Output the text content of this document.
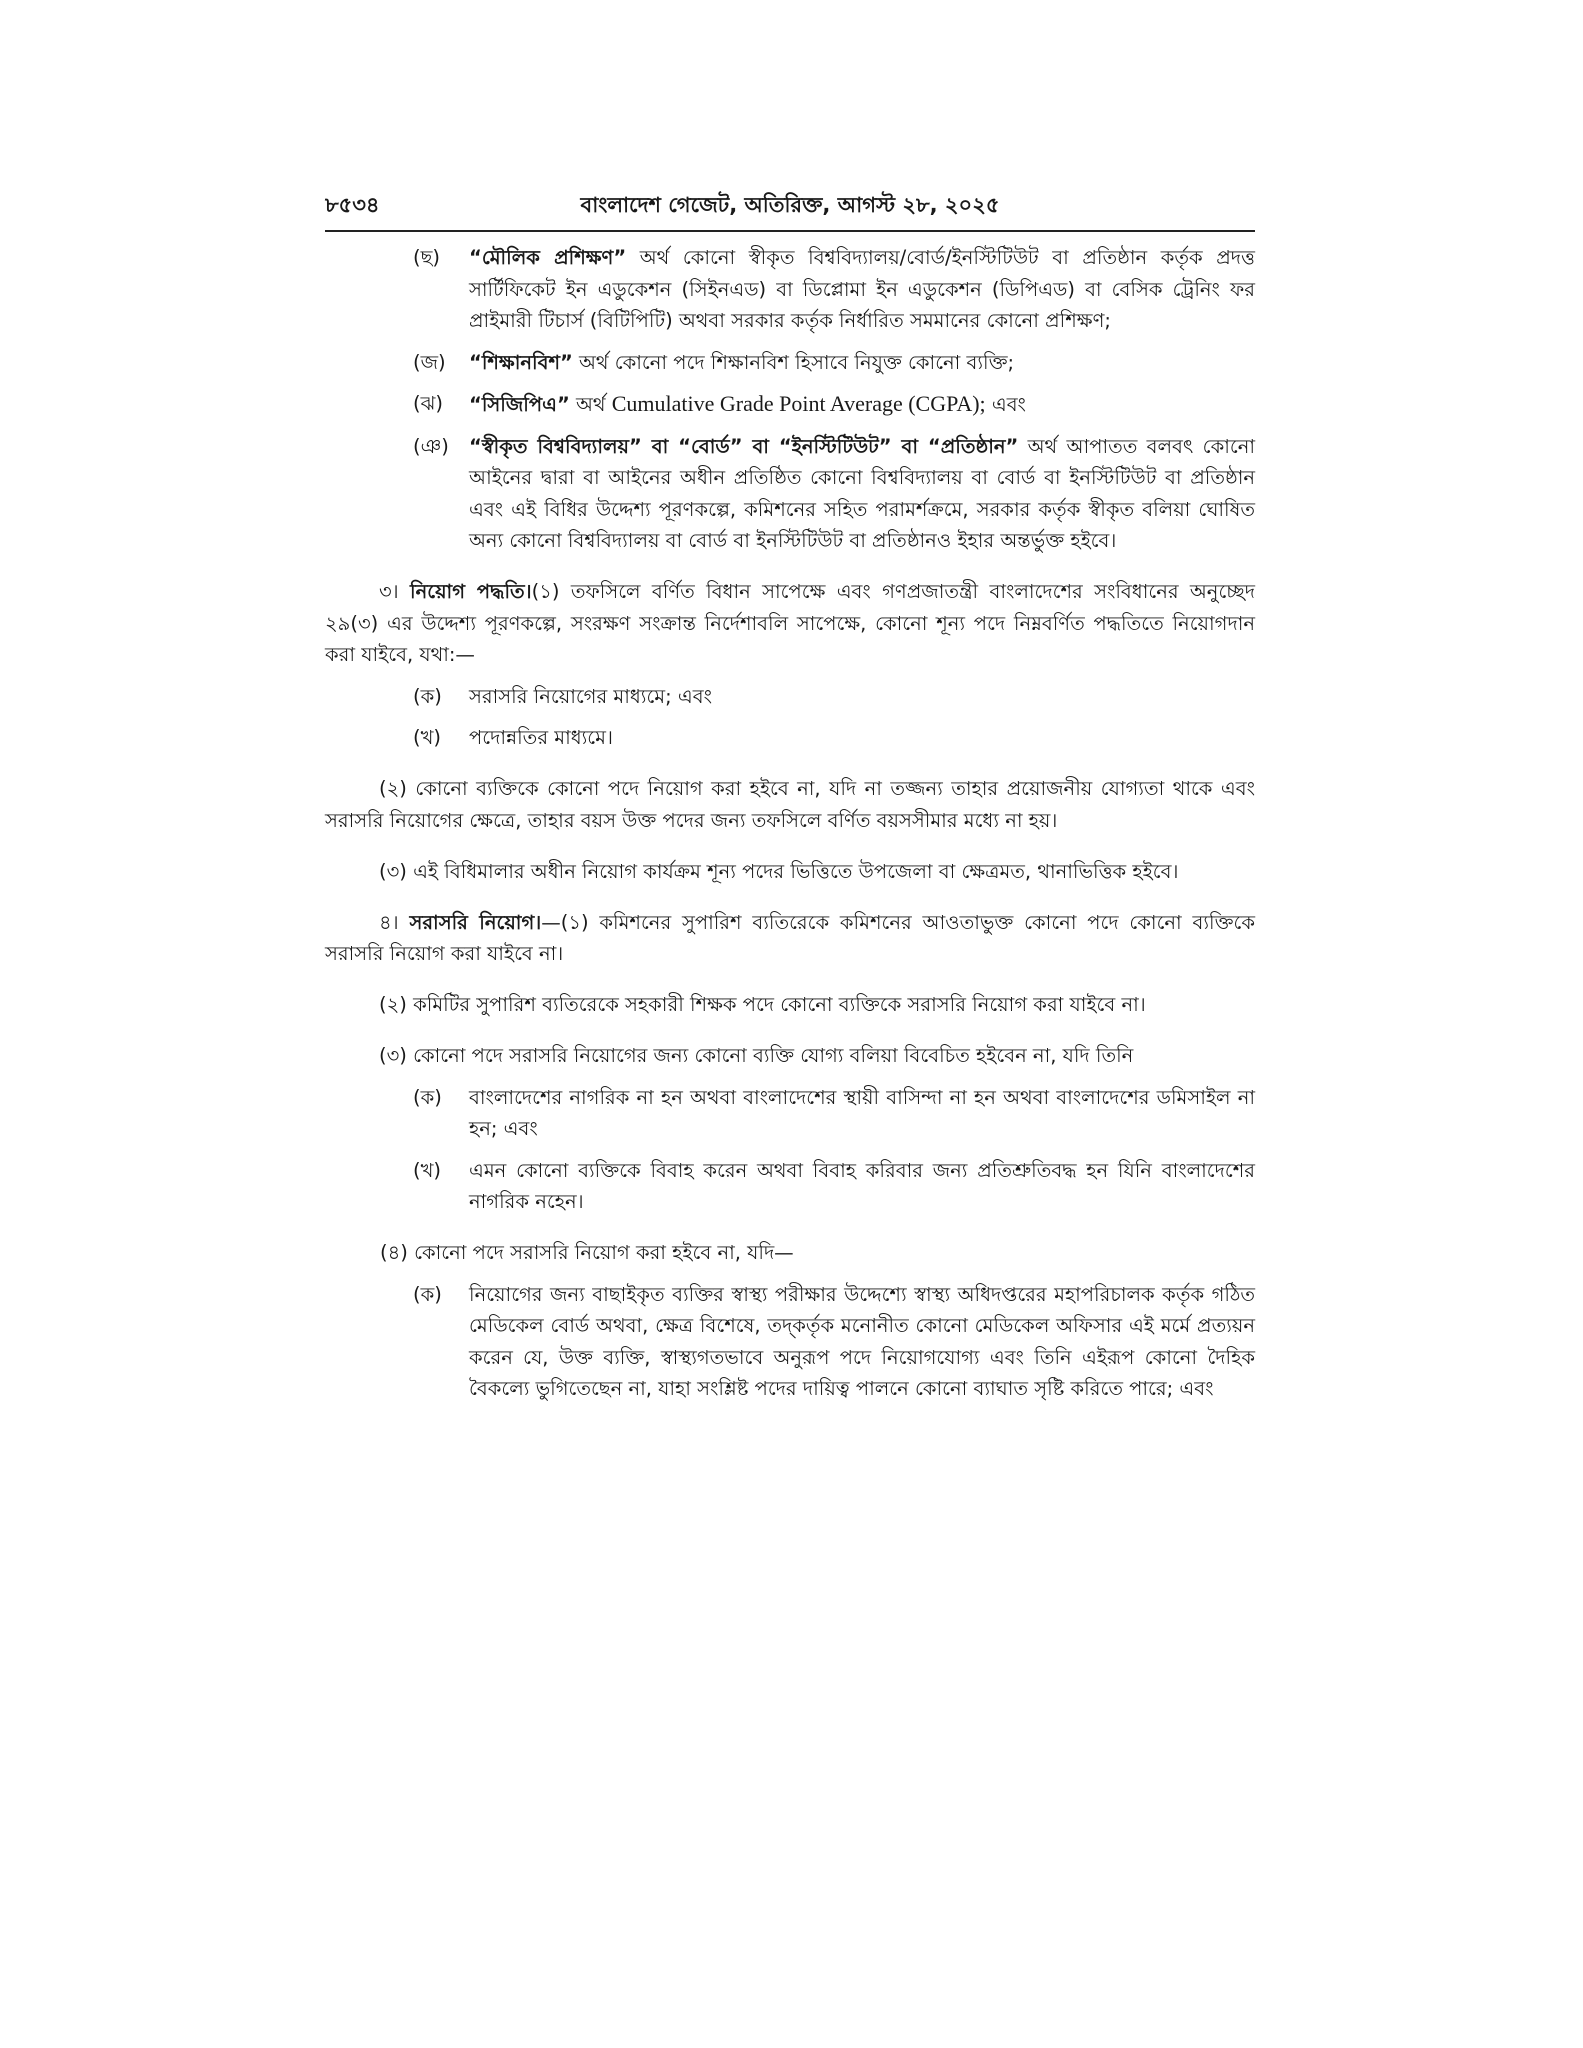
৮৫৩৪	বাংলাদেশ গেজেট, অতিরিক্ত, আগস্ট ২৮, ২০২৫
(ছ)	“মৌলিক প্রশিক্ষণ” অর্থ কোনো স্বীকৃত বিশ্ববিদ্যালয়/বোর্ড/ইনস্টিটিউট বা প্রতিষ্ঠান কর্তৃক প্রদত্ত সার্টিফিকেট ইন এডুকেশন (সিইনএড) বা ডিপ্লোমা ইন এডুকেশন (ডিপিএড) বা বেসিক ট্রেনিং ফর প্রাইমারী টিচার্স (বিটিপিটি) অথবা সরকার কর্তৃক নির্ধারিত সমমানের কোনো প্রশিক্ষণ;
(জ)	“শিক্ষানবিশ” অর্থ কোনো পদে শিক্ষানবিশ হিসাবে নিযুক্ত কোনো ব্যক্তি;
(ঝ)	“সিজিপিএ” অর্থ Cumulative Grade Point Average (CGPA); এবং
(ঞ)	“স্বীকৃত বিশ্ববিদ্যালয়” বা “বোর্ড” বা “ইনস্টিটিউট” বা “প্রতিষ্ঠান” অর্থ আপাতত বলবৎ কোনো আইনের দ্বারা বা আইনের অধীন প্রতিষ্ঠিত কোনো বিশ্ববিদ্যালয় বা বোর্ড বা ইনস্টিটিউট বা প্রতিষ্ঠান এবং এই বিধির উদ্দেশ্য পূরণকল্পে, কমিশনের সহিত পরামর্শক্রমে, সরকার কর্তৃক স্বীকৃত বলিয়া ঘোষিত অন্য কোনো বিশ্ববিদ্যালয় বা বোর্ড বা ইনস্টিটিউট বা প্রতিষ্ঠানও ইহার অন্তর্ভুক্ত হইবে।

৩। নিয়োগ পদ্ধতি।(১) তফসিলে বর্ণিত বিধান সাপেক্ষে এবং গণপ্রজাতন্ত্রী বাংলাদেশের সংবিধানের অনুচ্ছেদ ২৯(৩) এর উদ্দেশ্য পূরণকল্পে, সংরক্ষণ সংক্রান্ত নির্দেশাবলি সাপেক্ষে, কোনো শূন্য পদে নিম্নবর্ণিত পদ্ধতিতে নিয়োগদান করা যাইবে, যথা:—

(ক)	সরাসরি নিয়োগের মাধ্যমে; এবং
(খ)	পদোন্নতির মাধ্যমে।

(২) কোনো ব্যক্তিকে কোনো পদে নিয়োগ করা হইবে না, যদি না তজ্জন্য তাহার প্রয়োজনীয় যোগ্যতা থাকে এবং সরাসরি নিয়োগের ক্ষেত্রে, তাহার বয়স উক্ত পদের জন্য তফসিলে বর্ণিত বয়সসীমার মধ্যে না হয়।

(৩) এই বিধিমালার অধীন নিয়োগ কার্যক্রম শূন্য পদের ভিত্তিতে উপজেলা বা ক্ষেত্রমত, থানাভিত্তিক হইবে।

৪। সরাসরি নিয়োগ।—(১) কমিশনের সুপারিশ ব্যতিরেকে কমিশনের আওতাভুক্ত কোনো পদে কোনো ব্যক্তিকে সরাসরি নিয়োগ করা যাইবে না।

(২) কমিটির সুপারিশ ব্যতিরেকে সহকারী শিক্ষক পদে কোনো ব্যক্তিকে সরাসরি নিয়োগ করা যাইবে না।

(৩) কোনো পদে সরাসরি নিয়োগের জন্য কোনো ব্যক্তি যোগ্য বলিয়া বিবেচিত হইবেন না, যদি তিনি

(ক)	বাংলাদেশের নাগরিক না হন অথবা বাংলাদেশের স্থায়ী বাসিন্দা না হন অথবা বাংলাদেশের ডমিসাইল না হন; এবং
(খ)	এমন কোনো ব্যক্তিকে বিবাহ করেন অথবা বিবাহ করিবার জন্য প্রতিশ্রুতিবদ্ধ হন যিনি বাংলাদেশের নাগরিক নহেন।

(৪) কোনো পদে সরাসরি নিয়োগ করা হইবে না, যদি—

(ক)	নিয়োগের জন্য বাছাইকৃত ব্যক্তির স্বাস্থ্য পরীক্ষার উদ্দেশ্যে স্বাস্থ্য অধিদপ্তরের মহাপরিচালক কর্তৃক গঠিত মেডিকেল বোর্ড অথবা, ক্ষেত্র বিশেষে, তদ্কর্তৃক মনোনীত কোনো মেডিকেল অফিসার এই মর্মে প্রত্যয়ন করেন যে, উক্ত ব্যক্তি, স্বাস্থ্যগতভাবে অনুরূপ পদে নিয়োগযোগ্য এবং তিনি এইরূপ কোনো দৈহিক বৈকল্যে ভুগিতেছেন না, যাহা সংশ্লিষ্ট পদের দায়িত্ব পালনে কোনো ব্যাঘাত সৃষ্টি করিতে পারে; এবং
